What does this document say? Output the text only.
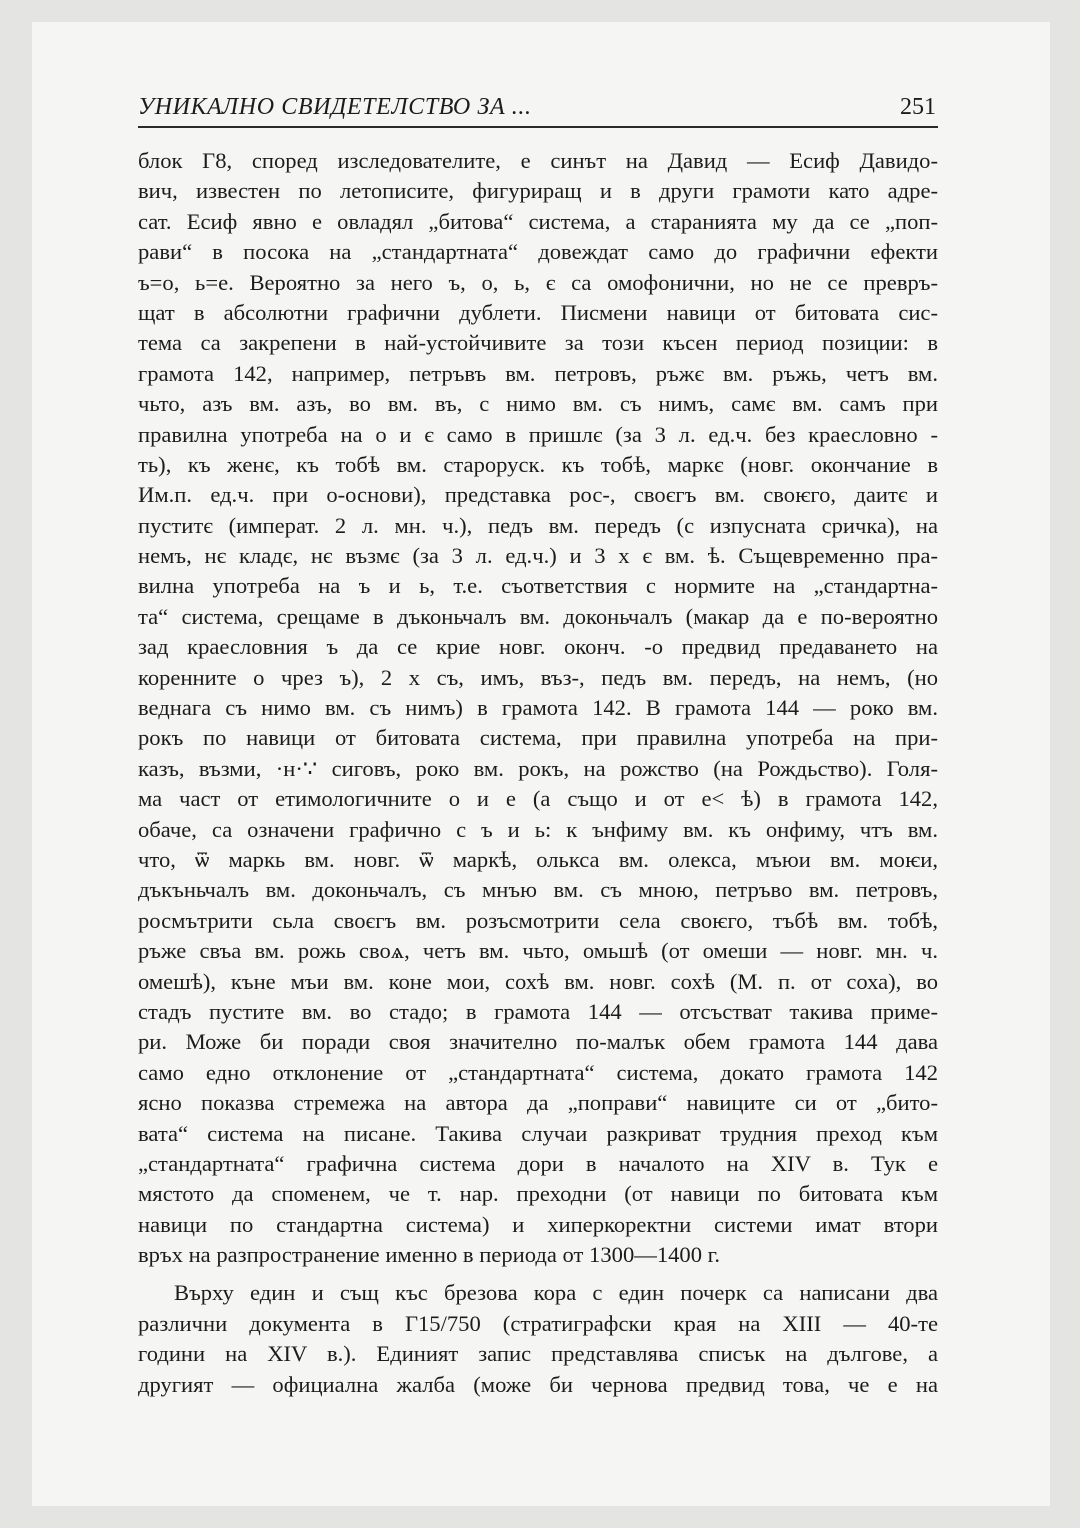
УНИКАЛНО СВИДЕТЕЛСТВО ЗА ...	251
блок Г8, според изследователите, е синът на Давид — Есиф Давидо-
вич, известен по летописите, фигуриращ и в други грамоти като адре-
сат. Есиф явно е овладял „битова“ система, а старанията му да се „поп-
рави“ в посока на „стандартната“ довеждат само до графични ефекти
ъ=о, ь=е. Вероятно за него ъ, о, ь, є са омофонични, но не се превръ-
щат в абсолютни графични дублети. Писмени навици от битовата сис-
тема са закрепени в най-устойчивите за този късен период позиции: в
грамота 142, например, петръвъ вм. петровъ, ръжє вм. ръжь, четъ вм.
чьто, азъ вм. азъ, во вм. въ, с нимо вм. съ нимъ, самє вм. самъ при
правилна употреба на о и є само в пришлє (за 3 л. ед.ч. без краесловно -
ть), къ женє, къ тобѣ вм. староруск. къ тобѣ, маркє (новг. окончание в
Им.п. ед.ч. при о-основи), представка рос-, своєгъ вм. своѥго, даитє и
пуститє (императ. 2 л. мн. ч.), педъ вм. передъ (с изпусната сричка), на
немъ, нє кладє, нє възмє (за 3 л. ед.ч.) и 3 х є вм. ѣ. Същевременно пра-
вилна употреба на ъ и ь, т.е. съответствия с нормите на „стандартна-
та“ система, срещаме в дъконьчалъ вм. доконьчалъ (макар да е по-вероятно
зад краесловния ъ да се крие новг. оконч. -о предвид предаването на
коренните о чрез ъ), 2 х съ, имъ, въз-, педъ вм. передъ, на немъ, (но
веднага съ нимо вм. съ нимъ) в грамота 142. В грамота 144 — роко вм.
рокъ по навици от битовата система, при правилна употреба на при-
казъ, възми, ·н·∵ сиговъ, роко вм. рокъ, на рожство (на Рождьство). Голя-
ма част от етимологичните о и е (а също и от е< ѣ) в грамота 142,
обаче, са означени графично с ъ и ь: к ънфиму вм. къ онфиму, чтъ вм.
что, ѿ маркь вм. новг. ѿ маркѣ, олькса вм. олекса, мъюи вм. моѥи,
дъкъньчалъ вм. доконьчалъ, съ мнъю вм. съ мною, петръво вм. петровъ,
росмътрити сьла своєгъ вм. розъсмотрити села своѥго, тъбѣ вм. тобѣ,
ръже свъа вм. рожь своѧ, четъ вм. чьто, омьшѣ (от омеши — новг. мн. ч.
омешѣ), къне мъи вм. коне мои, сохѣ вм. новг. сохѣ (М. п. от соха), во
стадъ пустите вм. во стадо; в грамота 144 — отсъстват такива приме-
ри. Може би поради своя значително по-малък обем грамота 144 дава
само едно отклонение от „стандартната“ система, докато грамота 142
ясно показва стремежа на автора да „поправи“ навиците си от „бито-
вата“ система на писане. Такива случаи разкриват трудния преход към
„стандартната“ графична система дори в началото на XIV в. Тук е
мястото да споменем, че т. нар. преходни (от навици по битовата към
навици по стандартна система) и хиперкоректни системи имат втори
връх на разпространение именно в периода от 1300—1400 г.
Върху един и същ къс брезова кора с един почерк са написани два
различни документа в Г15/750 (стратиграфски края на XIII — 40-те
години на XIV в.). Единият запис представлява списък на дългове, а
другият — официална жалба (може би чернова предвид това, че е на
